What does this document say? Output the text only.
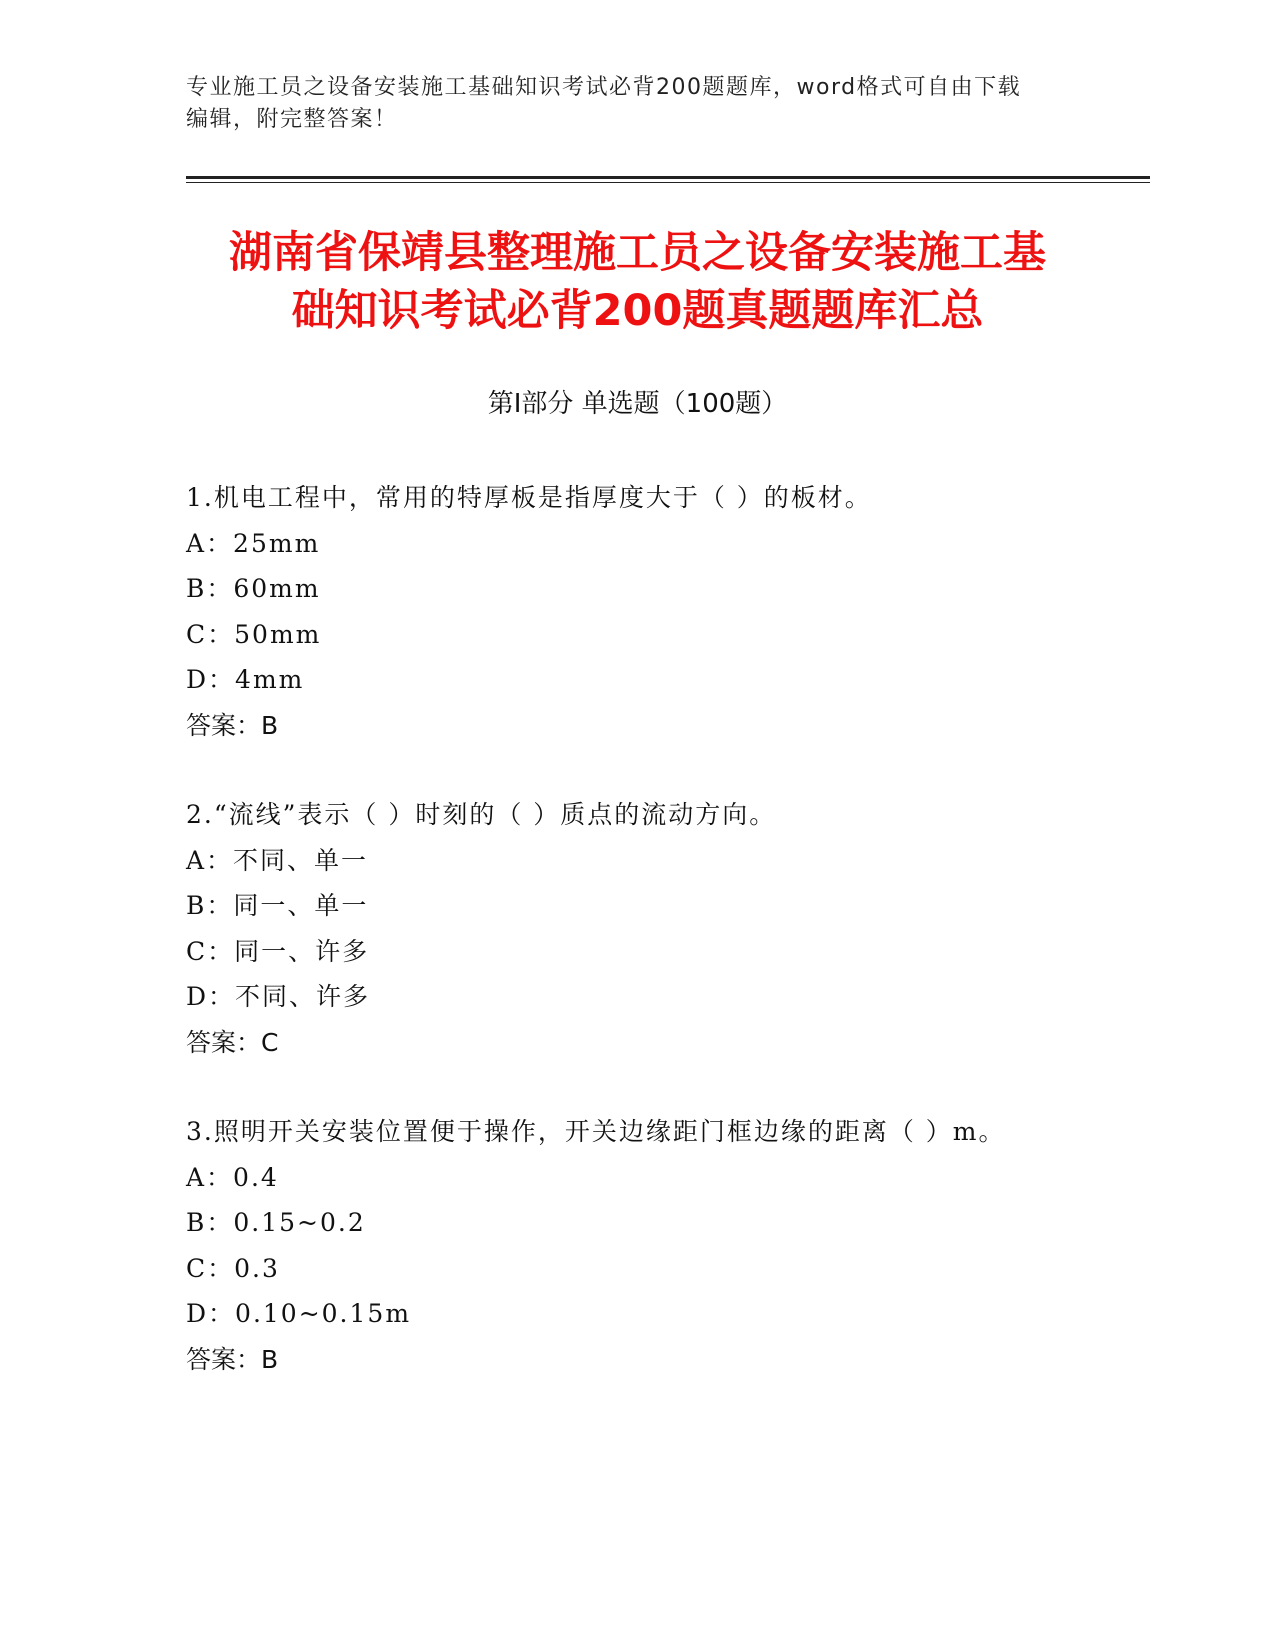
专业施工员之设备安装施工基础知识考试必背200题题库，word格式可自由下载
编辑，附完整答案！
湖南省保靖县整理施工员之设备安装施工基
础知识考试必背200题真题题库汇总
第Ⅰ部分 单选题（100题）
1.机电工程中，常用的特厚板是指厚度大于（ ）的板材。
A：25mm
B：60mm
C：50mm
D：4mm
答案：B
2.“流线”表示（ ）时刻的（ ）质点的流动方向。
A：不同、单一
B：同一、单一
C：同一、许多
D：不同、许多
答案：C
3.照明开关安装位置便于操作，开关边缘距门框边缘的距离（ ）m。
A：0.4
B：0.15~0.2
C：0.3
D：0.10~0.15m
答案：B
